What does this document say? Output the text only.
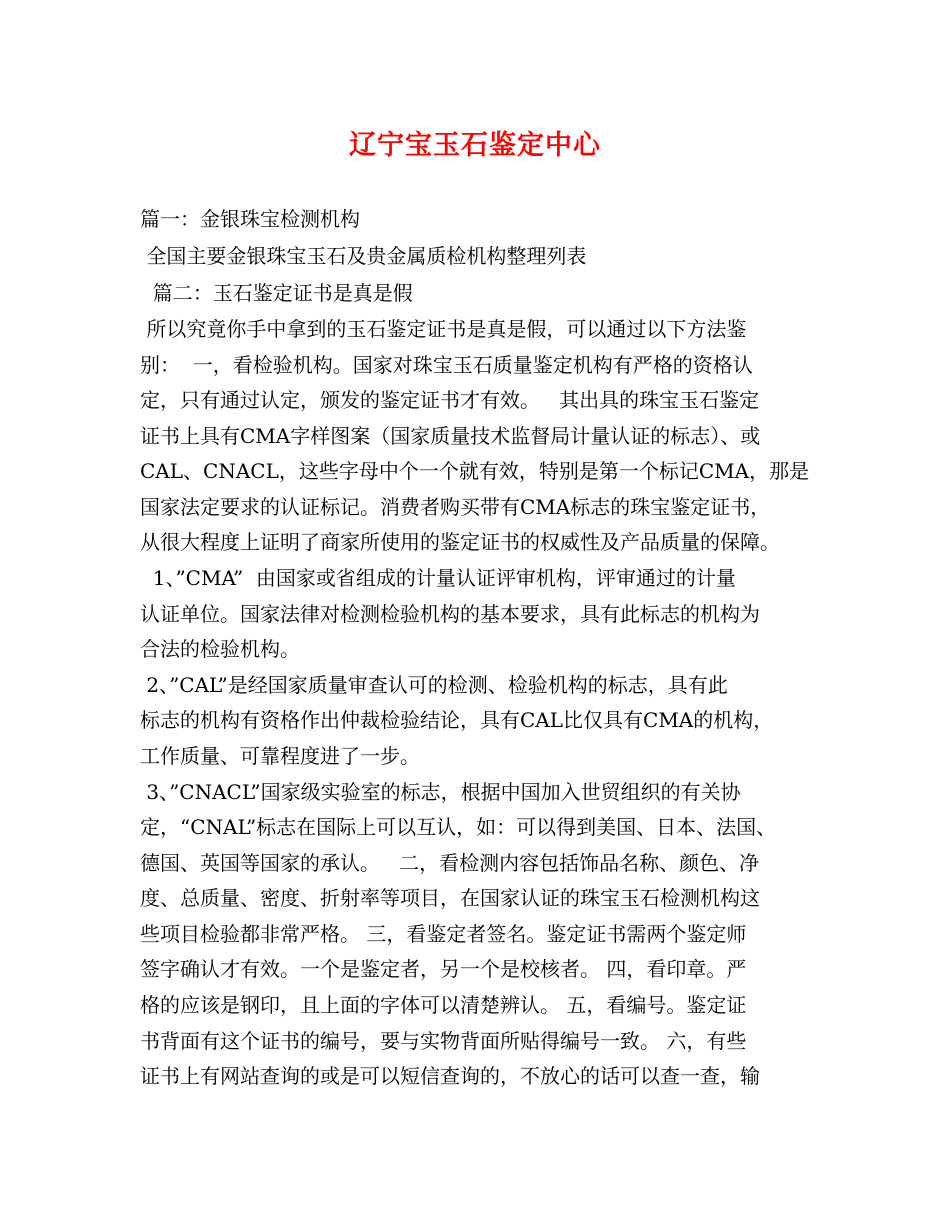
辽宁宝玉石鉴定中心

篇一：金银珠宝检测机构

全国主要金银珠宝玉石及贵金属质检机构整理列表

篇二：玉石鉴定证书是真是假

所以究竟你手中拿到的玉石鉴定证书是真是假，可以通过以下方法鉴

别：  一，看检验机构。国家对珠宝玉石质量鉴定机构有严格的资格认

定，只有通过认定，颁发的鉴定证书才有效。   其出具的珠宝玉石鉴定

证书上具有CMA字样图案（国家质量技术监督局计量认证的标志）、或

CAL、CNACL，这些字母中个一个就有效，特别是第一个标记CMA，那是

国家法定要求的认证标记。消费者购买带有CMA标志的珠宝鉴定证书，

从很大程度上证明了商家所使用的鉴定证书的权威性及产品质量的保障。

1、”CMA”  由国家或省组成的计量认证评审机构，评审通过的计量

认证单位。国家法律对检测检验机构的基本要求，具有此标志的机构为

合法的检验机构。

2、”CAL”是经国家质量审查认可的检测、检验机构的标志，具有此

标志的机构有资格作出仲裁检验结论，具有CAL比仅具有CMA的机构，

工作质量、可靠程度进了一步。

3、”CNACL”国家级实验室的标志，根据中国加入世贸组织的有关协

定，“CNAL”标志在国际上可以互认，如：可以得到美国、日本、法国、

德国、英国等国家的承认。   二，看检测内容包括饰品名称、颜色、净

度、总质量、密度、折射率等项目，在国家认证的珠宝玉石检测机构这

些项目检验都非常严格。 三，看鉴定者签名。鉴定证书需两个鉴定师

签字确认才有效。一个是鉴定者，另一个是校核者。 四，看印章。严

格的应该是钢印，且上面的字体可以清楚辨认。 五，看编号。鉴定证

书背面有这个证书的编号，要与实物背面所贴得编号一致。 六，有些

证书上有网站查询的或是可以短信查询的，不放心的话可以查一查，输
